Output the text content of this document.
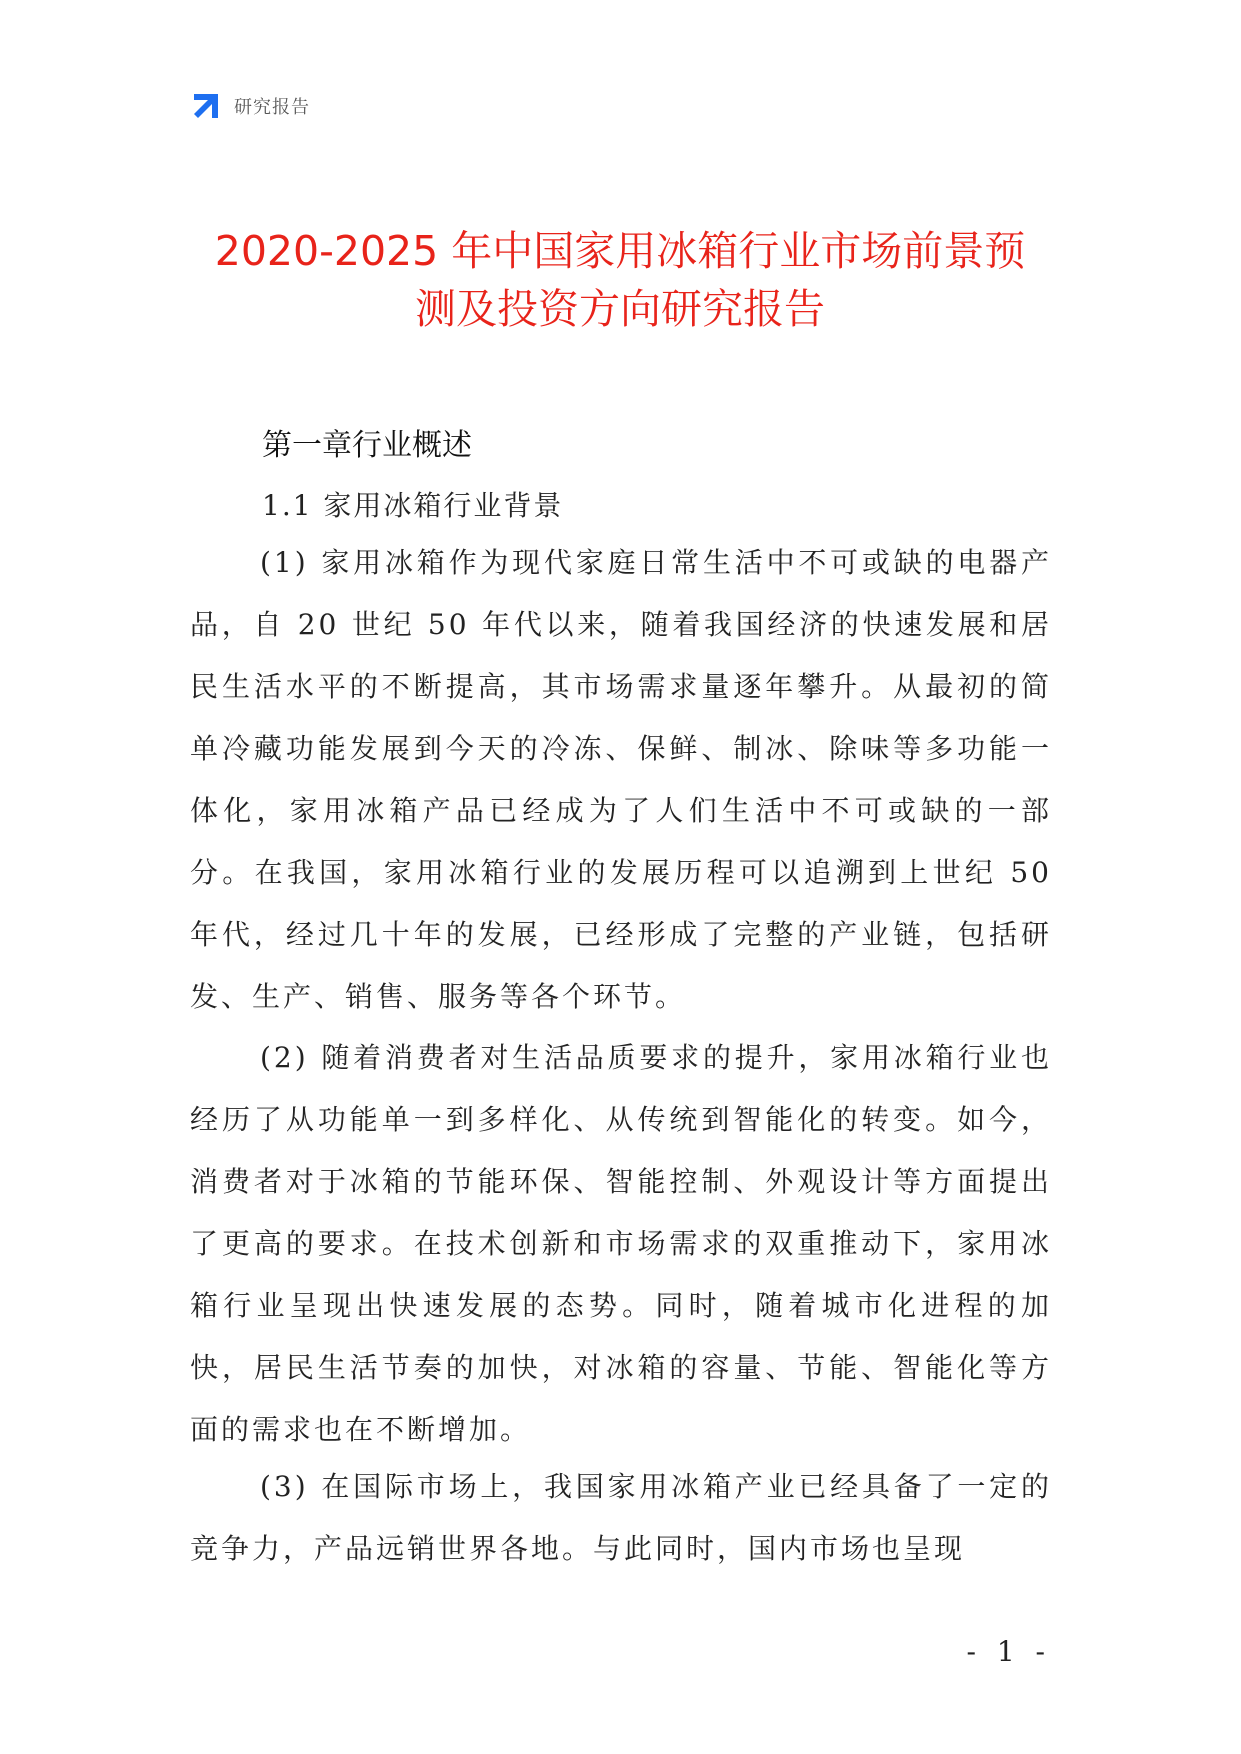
研究报告
2020-2025 年中国家用冰箱行业市场前景预
测及投资方向研究报告
第一章行业概述
1.1 家用冰箱行业背景

(1) 家用冰箱作为现代家庭日常生活中不可或缺的电器产品，自 20 世纪 50 年代以来，随着我国经济的快速发展和居民生活水平的不断提高，其市场需求量逐年攀升。从最初的简单冷藏功能发展到今天的冷冻、保鲜、制冰、除味等多功能一体化，家用冰箱产品已经成为了人们生活中不可或缺的一部分。在我国，家用冰箱行业的发展历程可以追溯到上世纪 50 年代，经过几十年的发展，已经形成了完整的产业链，包括研发、生产、销售、服务等各个环节。

(2) 随着消费者对生活品质要求的提升，家用冰箱行业也经历了从功能单一到多样化、从传统到智能化的转变。如今，消费者对于冰箱的节能环保、智能控制、外观设计等方面提出了更高的要求。在技术创新和市场需求的双重推动下，家用冰箱行业呈现出快速发展的态势。同时，随着城市化进程的加快，居民生活节奏的加快，对冰箱的容量、节能、智能化等方面的需求也在不断增加。

(3) 在国际市场上，我国家用冰箱产业已经具备了一定的竞争力，产品远销世界各地。与此同时，国内市场也呈现

- 1 -
